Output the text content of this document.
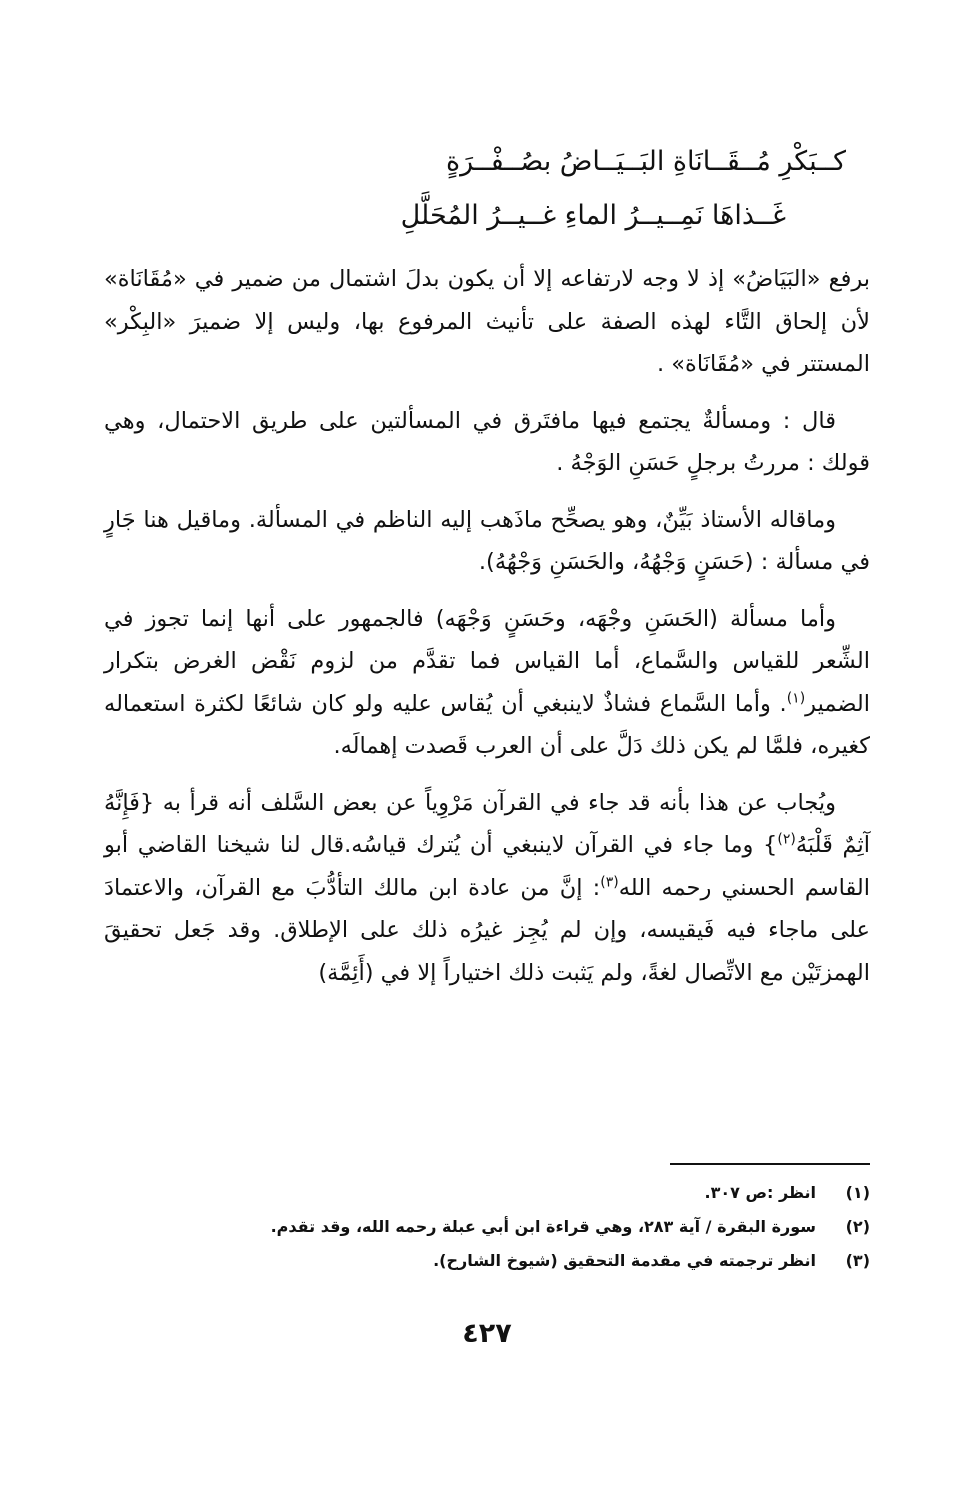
كــبَكْرِ مُــقَــانَاةِ البَــيَــاضُ بصُــفْــرَةٍ
غَــذاهَا نَمِــيــرُ الماءِ غــيــرُ المُحَلَّلِ

برفع «البَيَاضُ» إذ لا وجه لارتفاعه إلا أن يكون بدلَ اشتمال من ضمير في «مُقَانَاة» لأن إلحاق التَّاء لهذه الصفة على تأنيث المرفوع بها، وليس إلا ضميرَ «البِكْر» المستتر في «مُقَانَاة» .

قال : ومسألةٌ يجتمع فيها مافتَرق في المسألتين على طريق الاحتمال، وهي قولك : مررتُ برجلٍ حَسَنِ الوَجْهُ .

وماقاله الأستاذ بَيِّنٌ، وهو يصحِّح ماذَهب إليه الناظم في المسألة. وماقيل هنا جَارٍ في مسألة : (حَسَنٍ وَجْهُهُ، والحَسَنِ وَجْهُهُ).

وأما مسألة (الحَسَنِ وجْهَه، وحَسَنٍ وَجْهَه) فالجمهور على أنها إنما تجوز في الشِّعر للقياس والسَّماع، أما القياس فما تقدَّم من لزوم نَقْض الغرض بتكرار الضمير$^{(١)}$. وأما السَّماع فشاذٌ لاينبغي أن يُقاس عليه ولو كان شائعًا لكثرة استعماله كغيره، فلمَّا لم يكن ذلك دَلَّ على أن العرب قَصدت إهمالَه.

ويُجاب عن هذا بأنه قد جاء في القرآن مَرْوِياً عن بعض السَّلف أنه قرأ به {فَإِنَّهُ آثِمٌ قَلْبَهُ$^{(٢)}$} وما جاء في القرآن لاينبغي أن يُترك قياسُه.قال لنا شيخنا القاضي أبو القاسم الحسني رحمه الله$^{(٣)}$: إنَّ من عادة ابن مالك التأدُّبَ مع القرآن، والاعتمادَ على ماجاء فيه فَيقيسه، وإن لم يُجِز غيرُه ذلك على الإطلاق. وقد جَعل تحقيقَ الهمزتَيْن مع الاتِّصال لغةً، ولم يَثبت ذلك اختياراً إلا في (أَئِمَّة)

(١)
انظر :ص ٣٠٧.
(٢)
سورة البقرة / آية ٢٨٣، وهي قراءة ابن أبي عبلة رحمه الله، وقد تقدم.
(٣)
انظر ترجمته في مقدمة التحقيق (شيوخ الشارح).
٤٢٧
